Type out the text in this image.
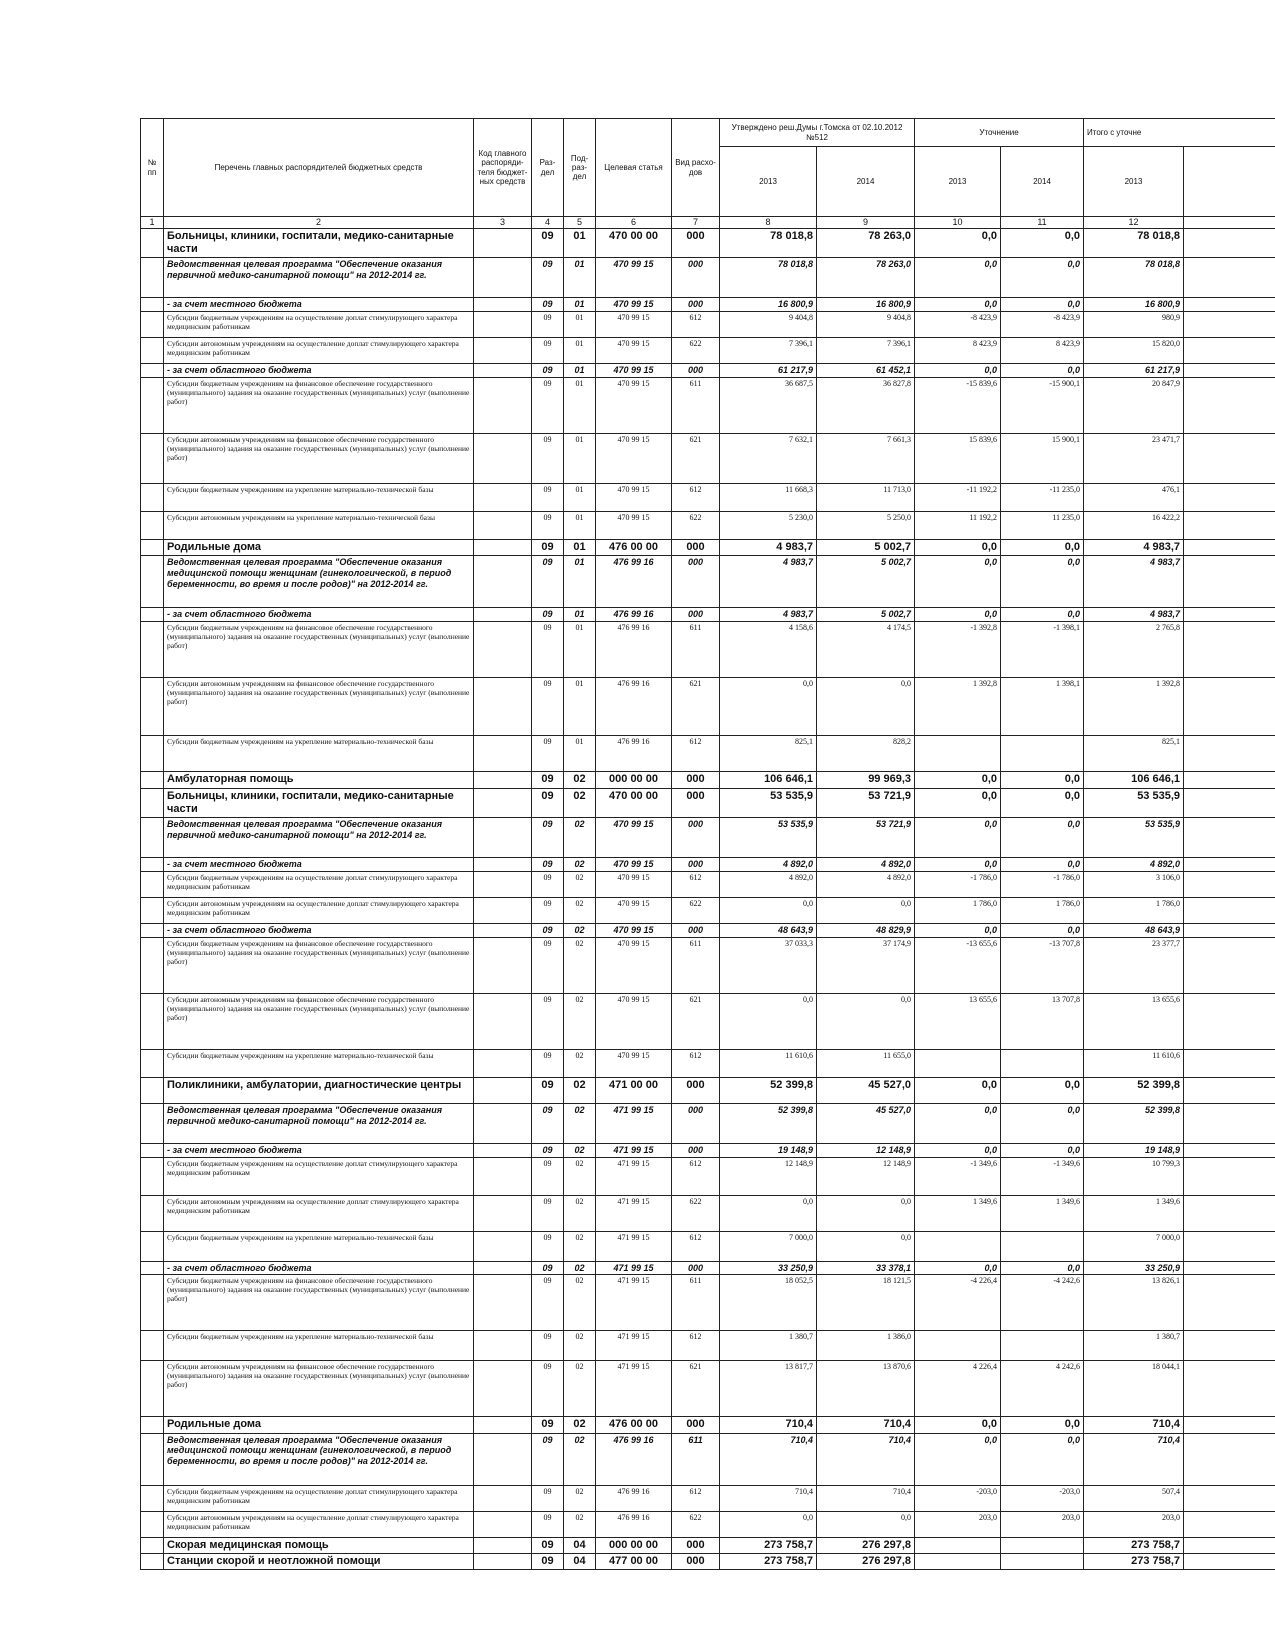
№ пп	Перечень главных распорядителей бюджетных средств	Код главного распоряди-теля бюджет-ных средств	Раз-дел	Под-раз-дел	Целевая статья	Вид расхо-дов	Утверждено реш.Думы г.Томска от 02.10.2012 №512		Уточнение		Итого с уточне	
							2013	2014	2013	2014	2013	
1	2	3	4	5	6	7	8	9	10	11	12	
	Больницы, клиники, госпитали, медико-санитарные части		09	01	470 00 00	000	78 018,8	78 263,0	0,0	0,0	78 018,8	
	Ведомственная целевая программа "Обеспечение оказания первичной медико-санитарной помощи" на 2012-2014 гг.		09	01	470 99 15	000	78 018,8	78 263,0	0,0	0,0	78 018,8	
	- за счет местного бюджета		09	01	470 99 15	000	16 800,9	16 800,9	0,0	0,0	16 800,9	
	Субсидии бюджетным учреждениям на осуществление доплат стимулирующего характера медицинским работникам		09	01	470 99 15	612	9 404,8	9 404,8	-8 423,9	-8 423,9	980,9	
	Субсидии автономным учреждениям на осуществление доплат стимулирующего характера медицинским работникам		09	01	470 99 15	622	7 396,1	7 396,1	8 423,9	8 423,9	15 820,0	
	- за счет областного бюджета		09	01	470 99 15	000	61 217,9	61 452,1	0,0	0,0	61 217,9	
	Субсидии бюджетным учреждениям на финансовое обеспечение государственного (муниципального) задания на оказание государственных (муниципальных) услуг (выполнение работ)		09	01	470 99 15	611	36 687,5	36 827,8	-15 839,6	-15 900,1	20 847,9	
	Субсидии автономным учреждениям на финансовое обеспечение государственного (муниципального) задания на оказание государственных (муниципальных) услуг (выполнение работ)		09	01	470 99 15	621	7 632,1	7 661,3	15 839,6	15 900,1	23 471,7	
	Субсидии бюджетным учреждениям на укрепление материально-технической базы		09	01	470 99 15	612	11 668,3	11 713,0	-11 192,2	-11 235,0	476,1	
	Субсидии автономным учреждениям на укрепление материально-технической базы		09	01	470 99 15	622	5 230,0	5 250,0	11 192,2	11 235,0	16 422,2	
	Родильные дома		09	01	476 00 00	000	4 983,7	5 002,7	0,0	0,0	4 983,7	
	Ведомственная целевая программа "Обеспечение оказания медицинской помощи женщинам (гинекологической, в период беременности, во время и после родов)" на 2012-2014 гг.		09	01	476 99 16	000	4 983,7	5 002,7	0,0	0,0	4 983,7	
	- за счет областного бюджета		09	01	476 99 16	000	4 983,7	5 002,7	0,0	0,0	4 983,7	
	Субсидии бюджетным учреждениям на финансовое обеспечение государственного (муниципального) задания на оказание государственных (муниципальных) услуг (выполнение работ)		09	01	476 99 16	611	4 158,6	4 174,5	-1 392,8	-1 398,1	2 765,8	
	Субсидии автономным учреждениям на финансовое обеспечение государственного (муниципального) задания на оказание государственных (муниципальных) услуг (выполнение работ)		09	01	476 99 16	621	0,0	0,0	1 392,8	1 398,1	1 392,8	
	Субсидии бюджетным учреждениям на укрепление материально-технической базы		09	01	476 99 16	612	825,1	828,2			825,1	
	Амбулаторная помощь		09	02	000 00 00	000	106 646,1	99 969,3	0,0	0,0	106 646,1	
	Больницы, клиники, госпитали, медико-санитарные части		09	02	470 00 00	000	53 535,9	53 721,9	0,0	0,0	53 535,9	
	Ведомственная целевая программа "Обеспечение оказания первичной медико-санитарной помощи" на 2012-2014 гг.		09	02	470 99 15	000	53 535,9	53 721,9	0,0	0,0	53 535,9	
	- за счет местного бюджета		09	02	470 99 15	000	4 892,0	4 892,0	0,0	0,0	4 892,0	
	Субсидии бюджетным учреждениям на осуществление доплат стимулирующего характера медицинским работникам		09	02	470 99 15	612	4 892,0	4 892,0	-1 786,0	-1 786,0	3 106,0	
	Субсидии автономным учреждениям на осуществление доплат стимулирующего характера медицинским работникам		09	02	470 99 15	622	0,0	0,0	1 786,0	1 786,0	1 786,0	
	- за счет областного бюджета		09	02	470 99 15	000	48 643,9	48 829,9	0,0	0,0	48 643,9	
	Субсидии бюджетным учреждениям на финансовое обеспечение государственного (муниципального) задания на оказание государственных (муниципальных) услуг (выполнение работ)		09	02	470 99 15	611	37 033,3	37 174,9	-13 655,6	-13 707,8	23 377,7	
	Субсидии автономным учреждениям на финансовое обеспечение государственного (муниципального) задания на оказание государственных (муниципальных) услуг (выполнение работ)		09	02	470 99 15	621	0,0	0,0	13 655,6	13 707,8	13 655,6	
	Субсидии бюджетным учреждениям на укрепление материально-технической базы		09	02	470 99 15	612	11 610,6	11 655,0			11 610,6	
	Поликлиники, амбулатории, диагностические центры		09	02	471 00 00	000	52 399,8	45 527,0	0,0	0,0	52 399,8	
	Ведомственная целевая программа "Обеспечение оказания первичной медико-санитарной помощи" на 2012-2014 гг.		09	02	471 99 15	000	52 399,8	45 527,0	0,0	0,0	52 399,8	
	- за счет местного бюджета		09	02	471 99 15	000	19 148,9	12 148,9	0,0	0,0	19 148,9	
	Субсидии бюджетным учреждениям на осуществление доплат стимулирующего характера медицинским работникам		09	02	471 99 15	612	12 148,9	12 148,9	-1 349,6	-1 349,6	10 799,3	
	Субсидии автономным учреждениям на осуществление доплат стимулирующего характера медицинским работникам		09	02	471 99 15	622	0,0	0,0	1 349,6	1 349,6	1 349,6	
	Субсидии бюджетным учреждениям на укрепление материально-технической базы		09	02	471 99 15	612	7 000,0	0,0			7 000,0	
	- за счет областного бюджета		09	02	471 99 15	000	33 250,9	33 378,1	0,0	0,0	33 250,9	
	Субсидии бюджетным учреждениям на финансовое обеспечение государственного (муниципального) задания на оказание государственных (муниципальных) услуг (выполнение работ)		09	02	471 99 15	611	18 052,5	18 121,5	-4 226,4	-4 242,6	13 826,1	
	Субсидии бюджетным учреждениям на укрепление материально-технической базы		09	02	471 99 15	612	1 380,7	1 386,0			1 380,7	
	Субсидии автономным учреждениям на финансовое обеспечение государственного (муниципального) задания на оказание государственных (муниципальных) услуг (выполнение работ)		09	02	471 99 15	621	13 817,7	13 870,6	4 226,4	4 242,6	18 044,1	
	Родильные дома		09	02	476 00 00	000	710,4	710,4	0,0	0,0	710,4	
	Ведомственная целевая программа "Обеспечение оказания медицинской помощи женщинам (гинекологической, в период беременности, во время и после родов)" на 2012-2014 гг.		09	02	476 99 16	611	710,4	710,4	0,0	0,0	710,4	
	Субсидии бюджетным учреждениям на осуществление доплат стимулирующего характера медицинским работникам		09	02	476 99 16	612	710,4	710,4	-203,0	-203,0	507,4	
	Субсидии автономным учреждениям на осуществление доплат стимулирующего характера медицинским работникам		09	02	476 99 16	622	0,0	0,0	203,0	203,0	203,0	
	Скорая медицинская помощь		09	04	000 00 00	000	273 758,7	276 297,8			273 758,7	
	Станции скорой и неотложной помощи		09	04	477 00 00	000	273 758,7	276 297,8			273 758,7	
